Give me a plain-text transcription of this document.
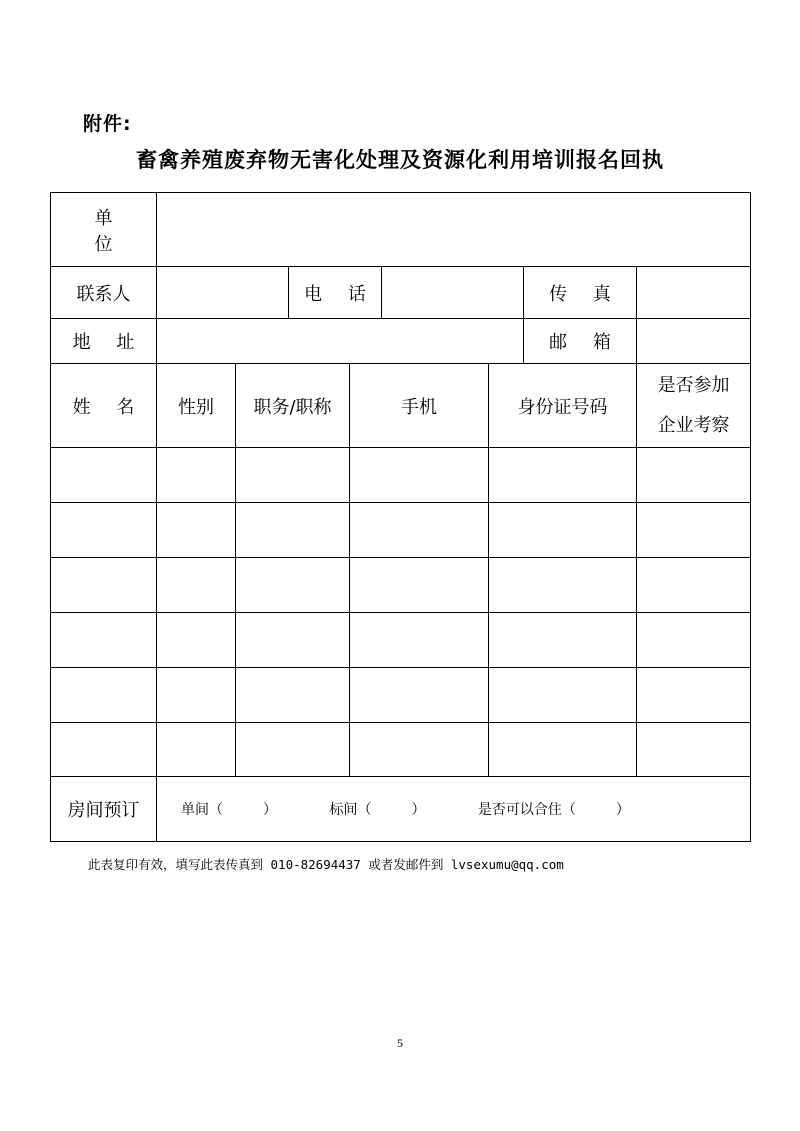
附件:
畜禽养殖废弃物无害化处理及资源化利用培训报名回执
单 位								
联系人			电 话				传 真	
地 址							邮 箱	
姓 名	性别	职务/职称		手机		身份证号码		是否参加
企业考察

房间预订	单间（ ） 标间（ ） 是否可以合住（ ）							
此表复印有效，填写此表传真到 010-82694437 或者发邮件到 lvsexumu@qq.com
5
